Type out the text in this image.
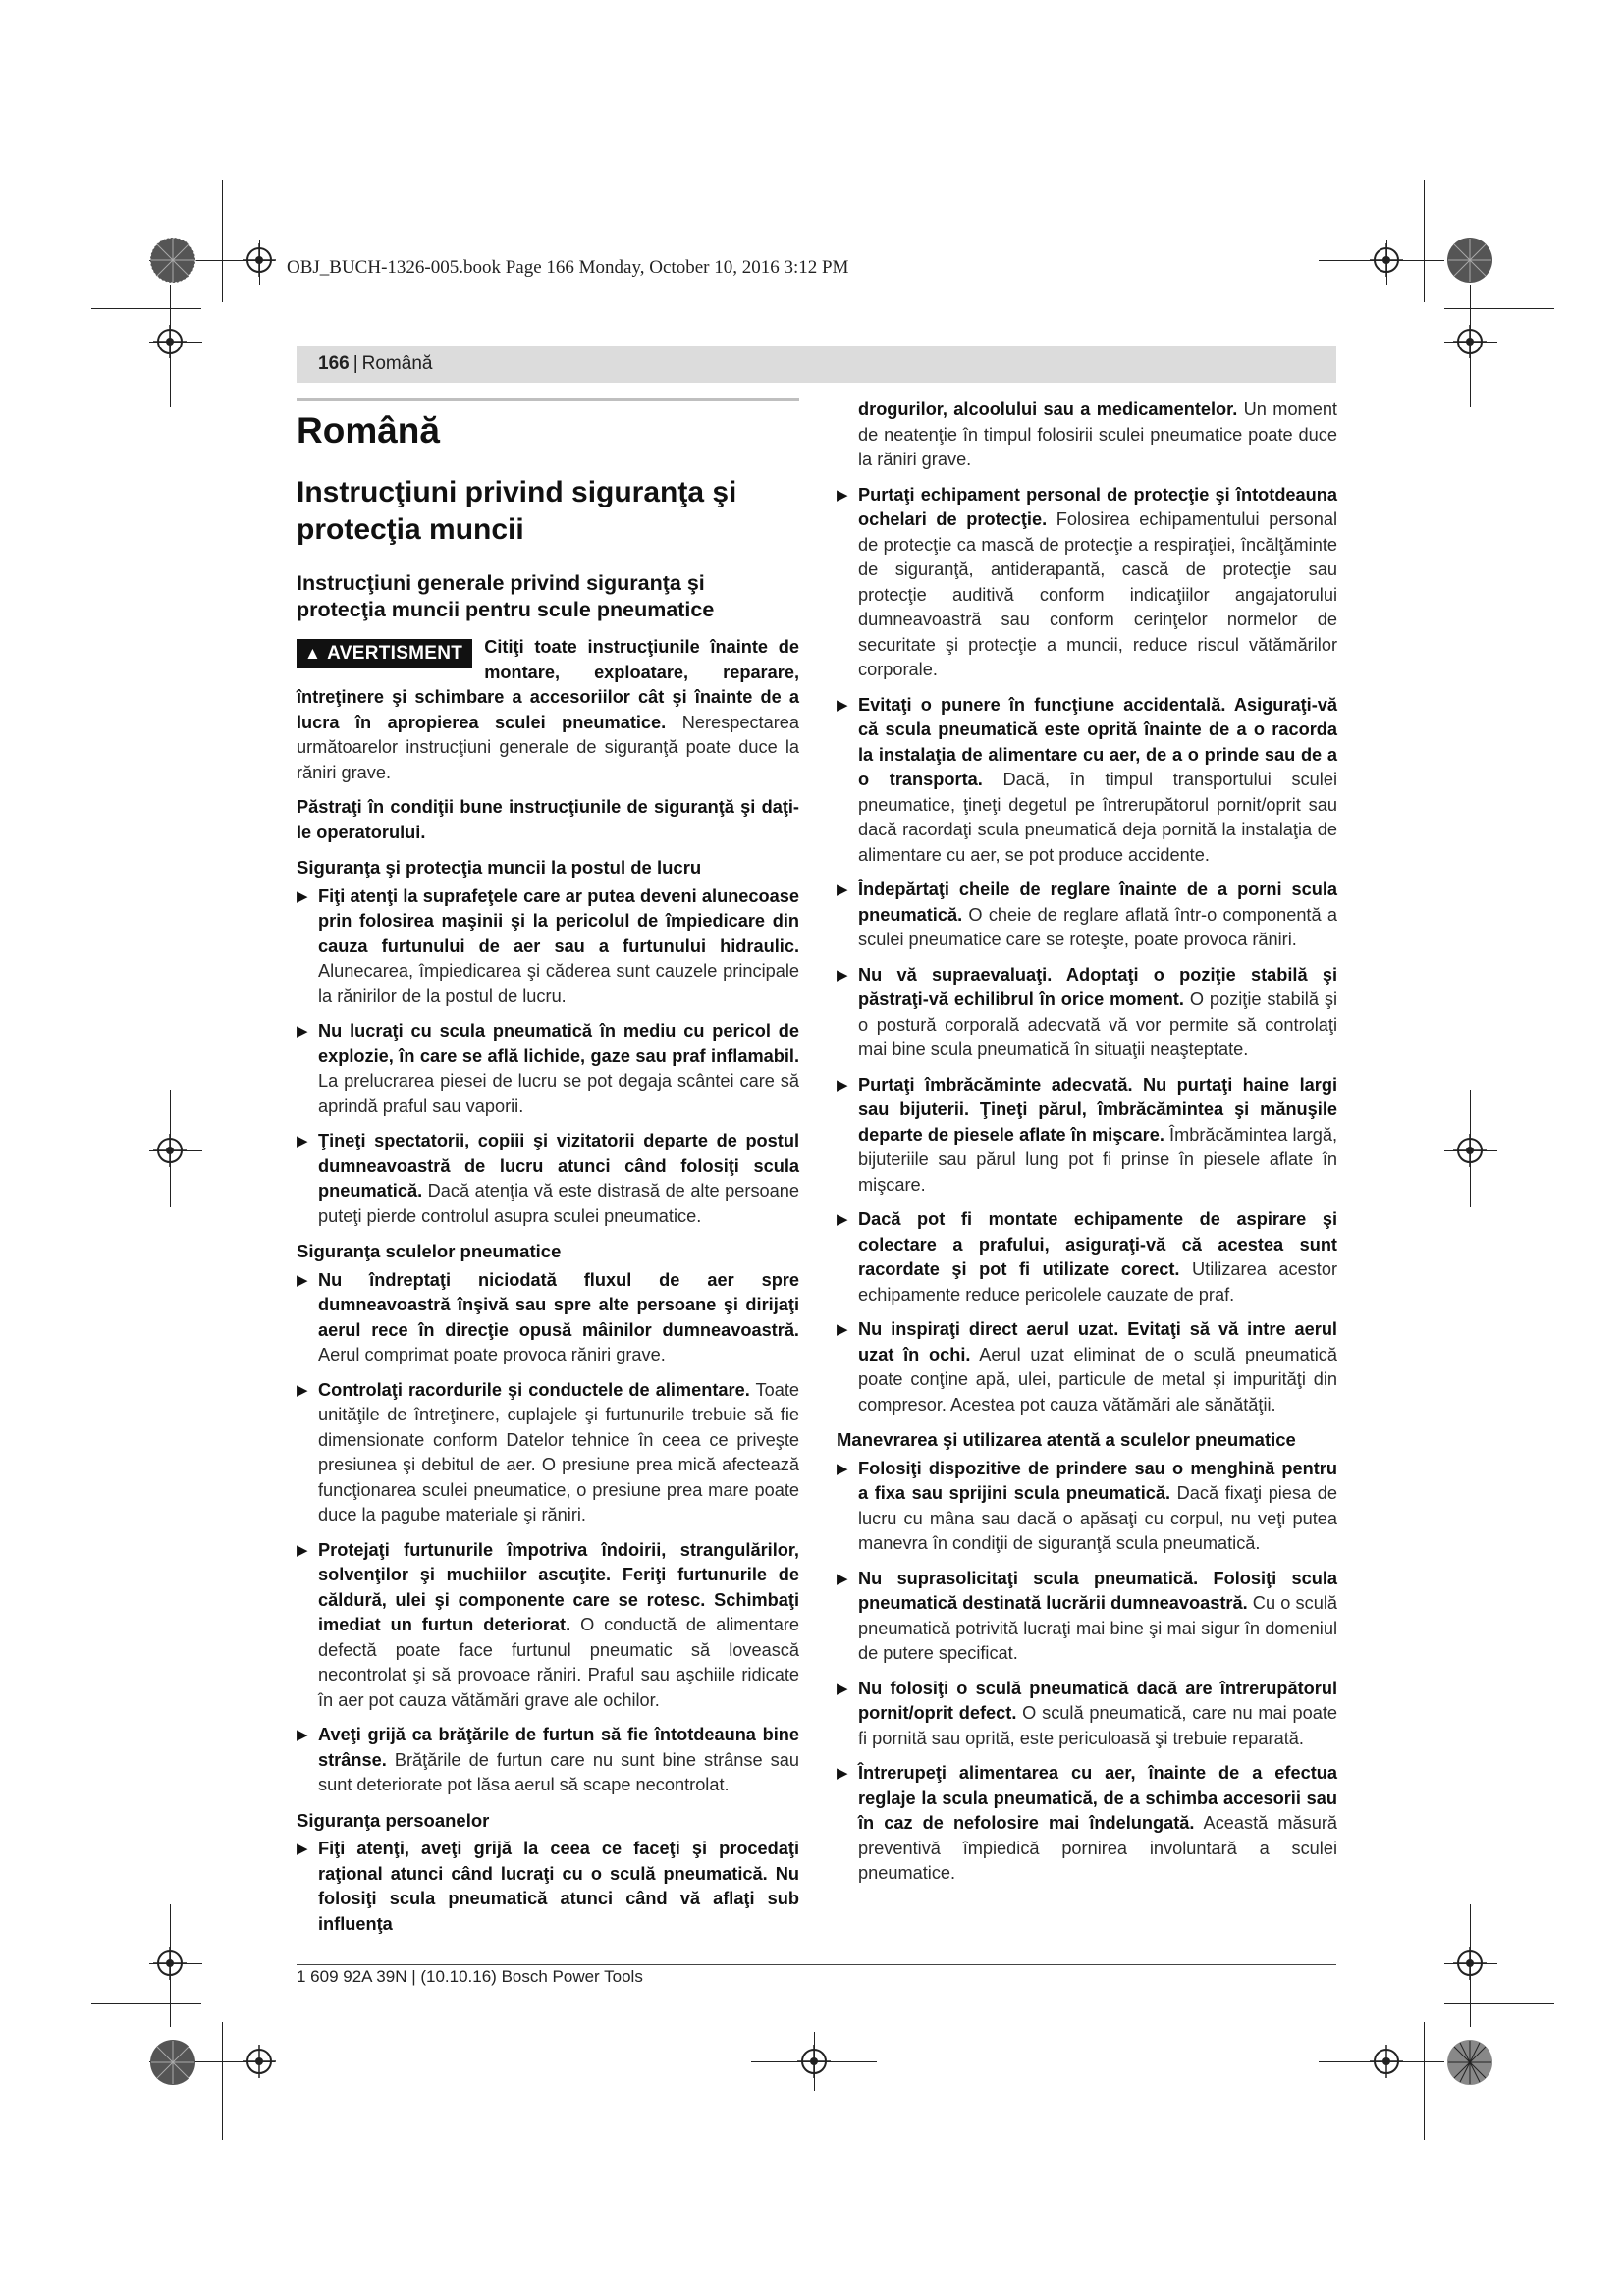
OBJ_BUCH-1326-005.book Page 166 Monday, October 10, 2016 3:12 PM
166 | Română
Română
Instrucţiuni privind siguranţa şi protecţia muncii
Instrucţiuni generale privind siguranţa şi protecţia muncii pentru scule pneumatice
▲ AVERTISMENT	Citiţi toate instrucţiunile înainte de montare, exploatare, reparare, întreţinere şi schimbare a accesoriilor cât şi înainte de a lucra în apropierea sculei pneumatice. Nerespectarea următoarelor instrucţiuni generale de siguranţă poate duce la răniri grave.

Păstraţi în condiţii bune instrucţiunile de siguranţă şi daţi-le operatorului.

Siguranţa şi protecţia muncii la postul de lucru
▶ Fiţi atenţi la suprafeţele care ar putea deveni alunecoase prin folosirea maşinii şi la pericolul de împiedicare din cauza furtunului de aer sau a furtunului hidraulic. Alunecarea, împiedicarea şi căderea sunt cauzele principale la rănirilor de la postul de lucru.
▶ Nu lucraţi cu scula pneumatică în mediu cu pericol de explozie, în care se află lichide, gaze sau praf inflamabil. La prelucrarea piesei de lucru se pot degaja scântei care să aprindă praful sau vaporii.
▶ Ţineţi spectatorii, copiii şi vizitatorii departe de postul dumneavoastră de lucru atunci când folosiţi scula pneumatică. Dacă atenţia vă este distrasă de alte persoane puteţi pierde controlul asupra sculei pneumatice.
Siguranţa sculelor pneumatice
▶ Nu îndreptaţi niciodată fluxul de aer spre dumneavoastră înşivă sau spre alte persoane şi dirijaţi aerul rece în direcţie opusă mâinilor dumneavoastră. Aerul comprimat poate provoca răniri grave.
▶ Controlaţi racordurile şi conductele de alimentare. Toate unităţile de întreţinere, cuplajele şi furtunurile trebuie să fie dimensionate conform Datelor tehnice în ceea ce priveşte presiunea şi debitul de aer. O presiune prea mică afectează funcţionarea sculei pneumatice, o presiune prea mare poate duce la pagube materiale şi răniri.
▶ Protejaţi furtunurile împotriva îndoirii, strangulărilor, solvenţilor şi muchiilor ascuţite. Feriţi furtunurile de căldură, ulei şi componente care se rotesc. Schimbaţi imediat un furtun deteriorat. O conductă de alimentare defectă poate face furtunul pneumatic să lovească necontrolat şi să provoace răniri. Praful sau aşchiile ridicate în aer pot cauza vătămări grave ale ochilor.
▶ Aveţi grijă ca brăţările de furtun să fie întotdeauna bine strânse. Brăţările de furtun care nu sunt bine strânse sau sunt deteriorate pot lăsa aerul să scape necontrolat.
Siguranţa persoanelor
▶ Fiţi atenţi, aveţi grijă la ceea ce faceţi şi procedaţi raţional atunci când lucraţi cu o sculă pneumatică. Nu folosiţi scula pneumatică atunci când vă aflaţi sub influenţa
drogurilor, alcoolului sau a medicamentelor. Un moment de neatenţie în timpul folosirii sculei pneumatice poate duce la răniri grave.
▶ Purtaţi echipament personal de protecţie şi întotdeauna ochelari de protecţie. Folosirea echipamentului personal de protecţie ca mască de protecţie a respiraţiei, încălţăminte de siguranţă, antiderapantă, cască de protecţie sau protecţie auditivă conform indicaţiilor angajatorului dumneavoastră sau conform cerinţelor normelor de securitate şi protecţie a muncii, reduce riscul vătămărilor corporale.
▶ Evitaţi o punere în funcţiune accidentală. Asiguraţi-vă că scula pneumatică este oprită înainte de a o racorda la instalaţia de alimentare cu aer, de a o prinde sau de a o transporta. Dacă, în timpul transportului sculei pneumatice, ţineţi degetul pe întrerupătorul pornit/oprit sau dacă racordaţi scula pneumatică deja pornită la instalaţia de alimentare cu aer, se pot produce accidente.
▶ Îndepărtaţi cheile de reglare înainte de a porni scula pneumatică. O cheie de reglare aflată într-o componentă a sculei pneumatice care se roteşte, poate provoca răniri.
▶ Nu vă supraevaluaţi. Adoptaţi o poziţie stabilă şi păstraţi-vă echilibrul în orice moment. O poziţie stabilă şi o postură corporală adecvată vă vor permite să controlaţi mai bine scula pneumatică în situaţii neaşteptate.
▶ Purtaţi îmbrăcăminte adecvată. Nu purtaţi haine largi sau bijuterii. Ţineţi părul, îmbrăcămintea şi mănuşile departe de piesele aflate în mişcare. Îmbrăcămintea largă, bijuteriile sau părul lung pot fi prinse în piesele aflate în mişcare.
▶ Dacă pot fi montate echipamente de aspirare şi colectare a prafului, asiguraţi-vă că acestea sunt racordate şi pot fi utilizate corect. Utilizarea acestor echipamente reduce pericolele cauzate de praf.
▶ Nu inspiraţi direct aerul uzat. Evitaţi să vă intre aerul uzat în ochi. Aerul uzat eliminat de o sculă pneumatică poate conţine apă, ulei, particule de metal şi impurităţi din compresor. Acestea pot cauza vătămări ale sănătăţii.
Manevrarea şi utilizarea atentă a sculelor pneumatice
▶ Folosiţi dispozitive de prindere sau o menghină pentru a fixa sau sprijini scula pneumatică. Dacă fixaţi piesa de lucru cu mâna sau dacă o apăsaţi cu corpul, nu veţi putea manevra în condiţii de siguranţă scula pneumatică.
▶ Nu suprasolicitaţi scula pneumatică. Folosiţi scula pneumatică destinată lucrării dumneavoastră. Cu o sculă pneumatică potrivită lucraţi mai bine şi mai sigur în domeniul de putere specificat.
▶ Nu folosiţi o sculă pneumatică dacă are întrerupătorul pornit/oprit defect. O sculă pneumatică, care nu mai poate fi pornită sau oprită, este periculoasă şi trebuie reparată.
▶ Întrerupeţi alimentarea cu aer, înainte de a efectua reglaje la scula pneumatică, de a schimba accesorii sau în caz de nefolosire mai îndelungată. Această măsură preventivă împiedică pornirea involuntară a sculei pneumatice.
1 609 92A 39N | (10.10.16) Bosch Power Tools
